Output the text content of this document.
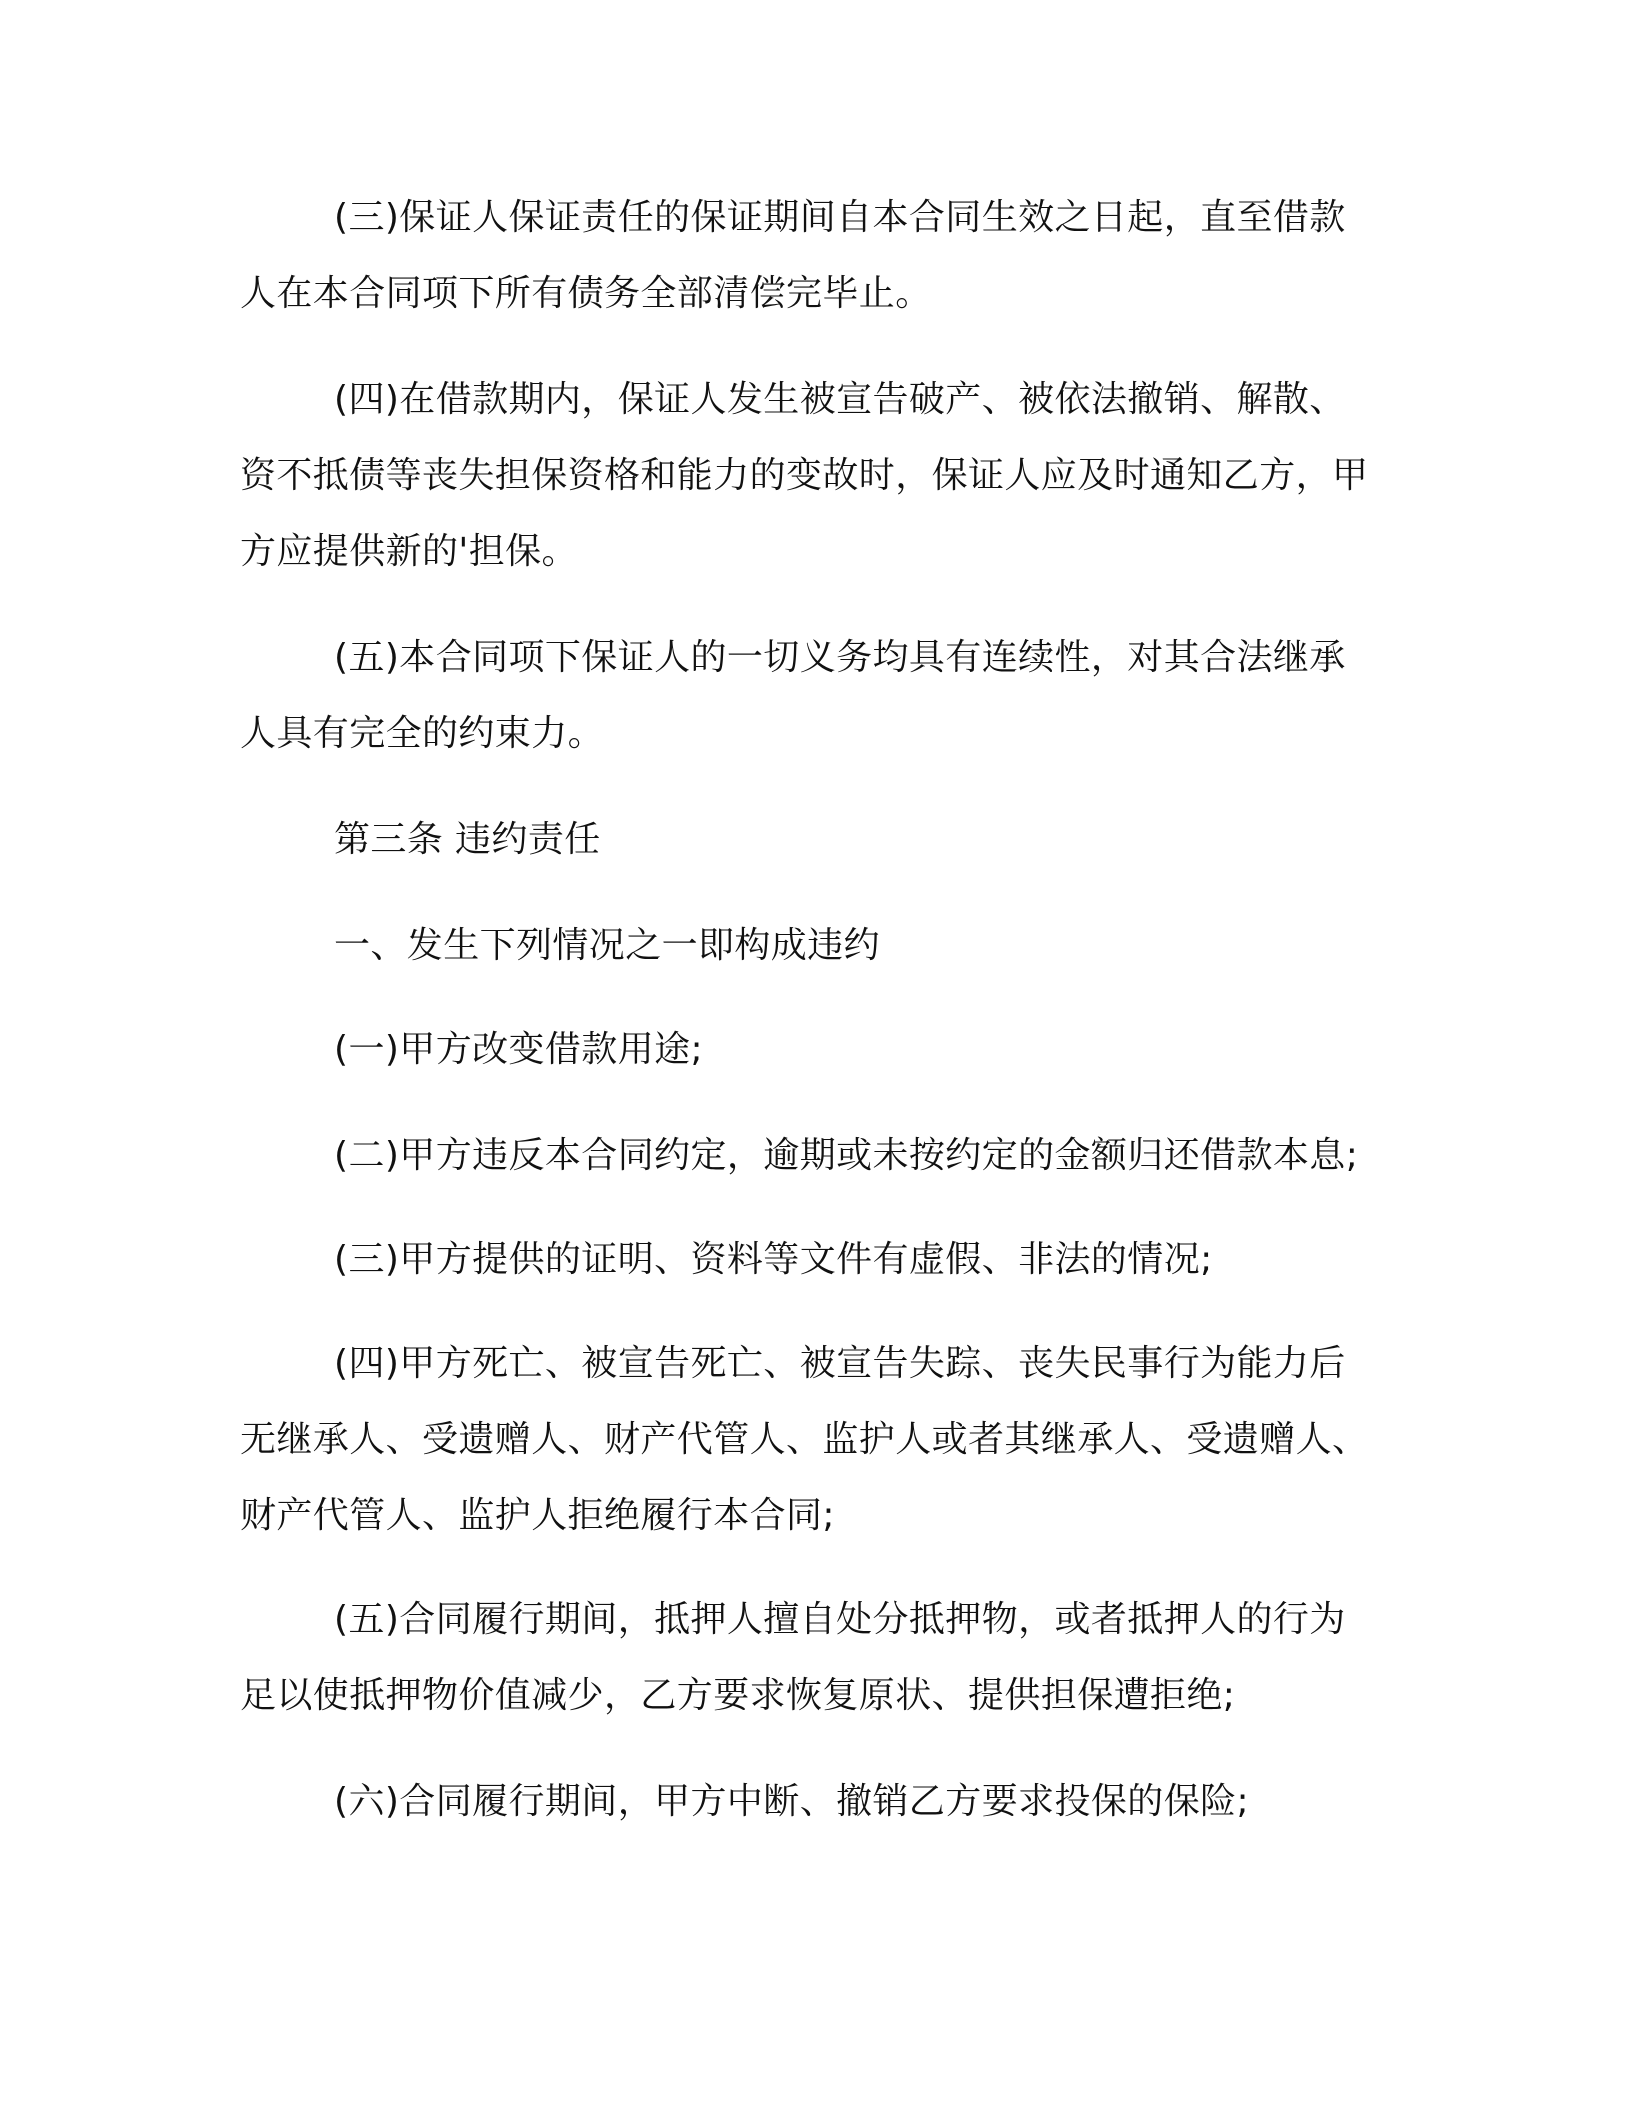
(三)保证人保证责任的保证期间自本合同生效之日起，直至借款人在本合同项下所有债务全部清偿完毕止。

(四)在借款期内，保证人发生被宣告破产、被依法撤销、解散、资不抵债等丧失担保资格和能力的变故时，保证人应及时通知乙方，甲方应提供新的'担保。

(五)本合同项下保证人的一切义务均具有连续性，对其合法继承人具有完全的约束力。

第三条 违约责任

一、发生下列情况之一即构成违约

(一)甲方改变借款用途;

(二)甲方违反本合同约定，逾期或未按约定的金额归还借款本息;

(三)甲方提供的证明、资料等文件有虚假、非法的情况;

(四)甲方死亡、被宣告死亡、被宣告失踪、丧失民事行为能力后无继承人、受遗赠人、财产代管人、监护人或者其继承人、受遗赠人、财产代管人、监护人拒绝履行本合同;

(五)合同履行期间，抵押人擅自处分抵押物，或者抵押人的行为足以使抵押物价值减少，乙方要求恢复原状、提供担保遭拒绝;

(六)合同履行期间，甲方中断、撤销乙方要求投保的保险;
